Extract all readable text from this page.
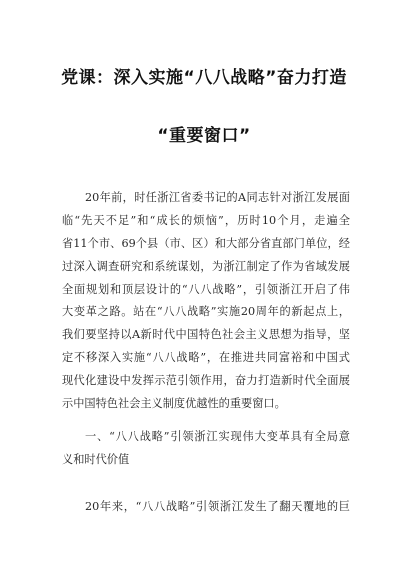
党课：深入实施“八八战略”奋力打造
“重要窗口”
20年前，时任浙江省委书记的A同志针对浙江发展面
临“先天不足”和“成长的烦恼”，历时10个月，走遍全
省11个市、69个县（市、区）和大部分省直部门单位，经
过深入调查研究和系统谋划，为浙江制定了作为省域发展
全面规划和顶层设计的“八八战略”，引领浙江开启了伟
大变革之路。站在“八八战略”实施20周年的新起点上，
我们要坚持以A新时代中国特色社会主义思想为指导，坚
定不移深入实施“八八战略”，在推进共同富裕和中国式
现代化建设中发挥示范引领作用，奋力打造新时代全面展
示中国特色社会主义制度优越性的重要窗口。
一、“八八战略”引领浙江实现伟大变革具有全局意
义和时代价值
20年来，“八八战略”引领浙江发生了翻天覆地的巨
